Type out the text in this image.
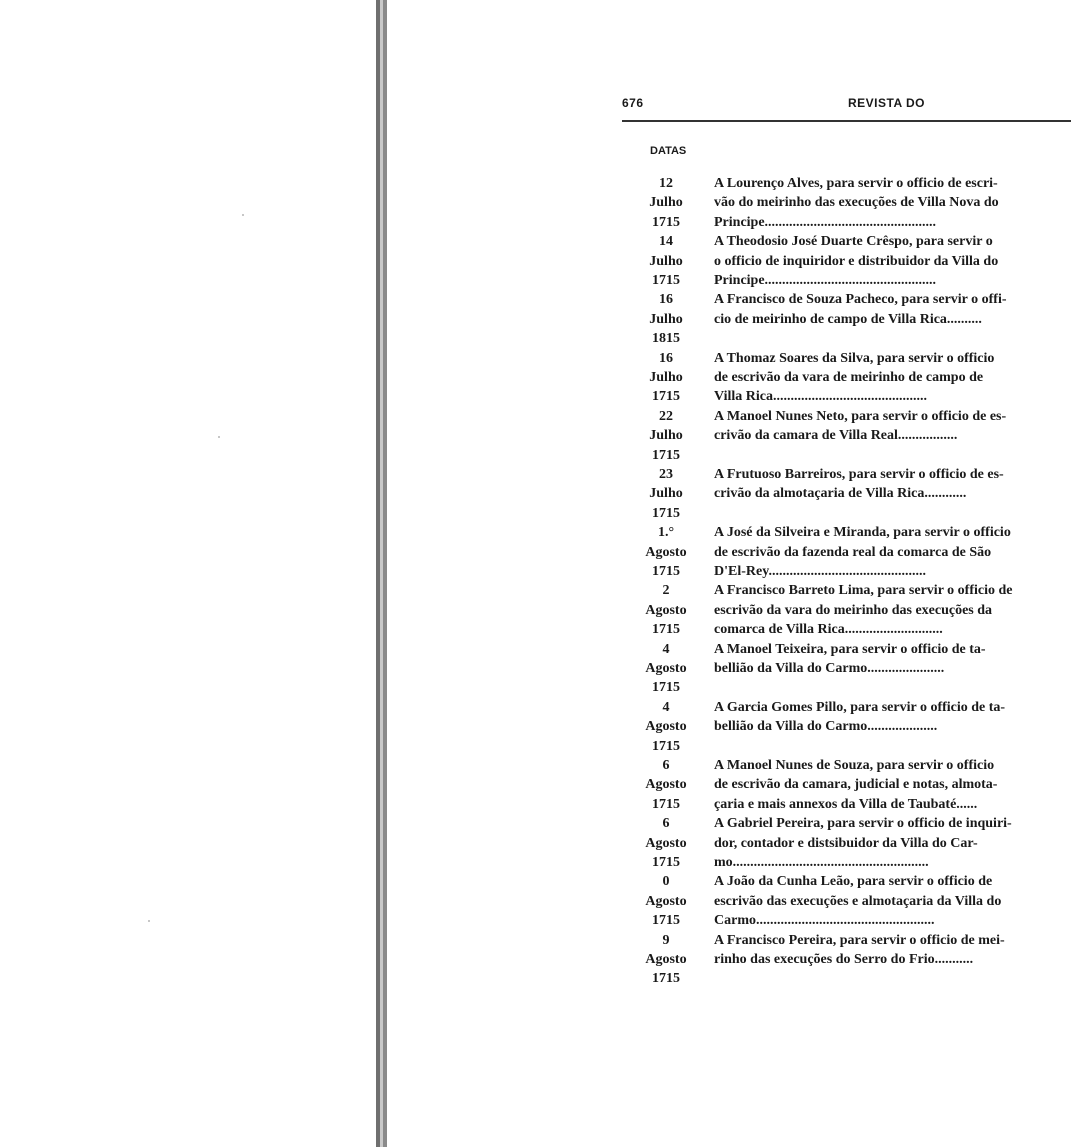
676	REVISTA DO
DATAS
12
Julho
1715
A Lourenço Alves, para servir o officio de escri-
vão do meirinho das execuções de Villa Nova do
Principe.................................................
14
Julho
1715
A Theodosio José Duarte Crêspo, para servir o
o officio de inquiridor e distribuidor da Villa do
Principe.................................................
16
Julho
1815
A Francisco de Souza Pacheco, para servir o offi-
cio de meirinho de campo de Villa Rica..........
16
Julho
1715
A Thomaz Soares da Silva, para servir o officio
de escrivão da vara de meirinho de campo de
Villa Rica............................................
22
Julho
1715
A Manoel Nunes Neto, para servir o officio de es-
crivão da camara de Villa Real.................
23
Julho
1715
A Frutuoso Barreiros, para servir o officio de es-
crivão da almotaçaria de Villa Rica............
1.°
Agosto
1715
A José da Silveira e Miranda, para servir o officio
de escrivão da fazenda real da comarca de São
D'El-Rey.............................................
2
Agosto
1715
A Francisco Barreto Lima, para servir o officio de
escrivão da vara do meirinho das execuções da
comarca de Villa Rica............................
4
Agosto
1715
A Manoel Teixeira, para servir o officio de ta-
bellião da Villa do Carmo......................
4
Agosto
1715
A Garcia Gomes Pillo, para servir o officio de ta-
bellião da Villa do Carmo....................
6
Agosto
1715
A Manoel Nunes de Souza, para servir o officio
de escrivão da camara, judicial e notas, almota-
çaria e mais annexos da Villa de Taubaté......
6
Agosto
1715
A Gabriel Pereira, para servir o officio de inquiri-
dor, contador e distsibuidor da Villa do Car-
mo........................................................
0
Agosto
1715
A João da Cunha Leão, para servir o officio de
escrivão das execuções e almotaçaria da Villa do
Carmo...................................................
9
Agosto
1715
A Francisco Pereira, para servir o officio de mei-
rinho das execuções do Serro do Frio...........
